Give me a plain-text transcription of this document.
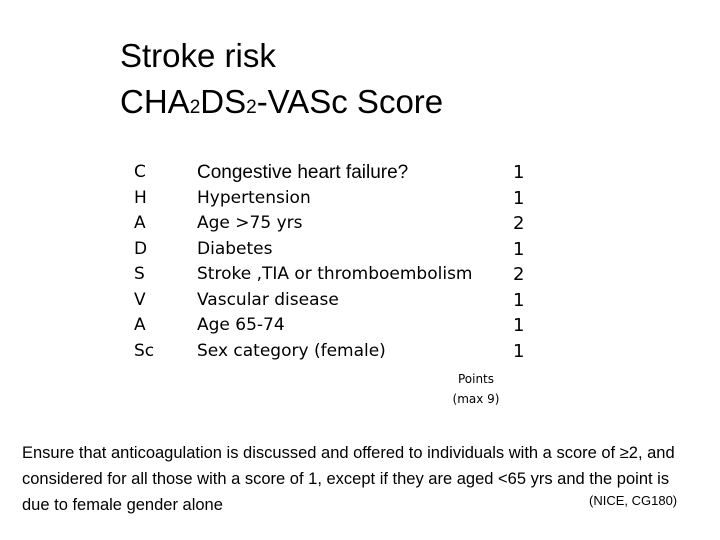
Stroke risk
CHA2DS2-VASc Score
C
H
A
D
S
V
A
Sc
Congestive heart failure?
Hypertension
Age >75 yrs
Diabetes
Stroke ,TIA or thromboembolism
Vascular disease
Age 65-74
Sex category (female)
1
1
2
1
2
1
1
1
Points
(max 9)
Ensure that anticoagulation is discussed and offered to individuals with a score of ≥2, and considered for all those with a score of 1, except if they are aged <65 yrs and the point is due to female gender alone	(NICE, CG180)
